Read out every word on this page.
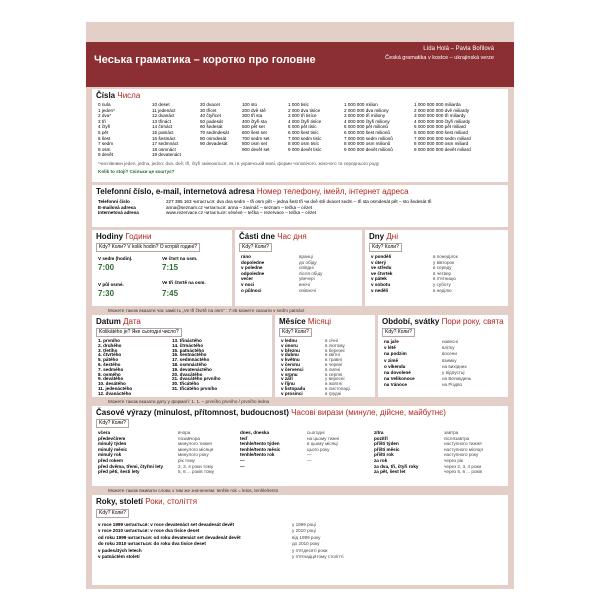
Чеська граматика – коротко про головне
Lída Holá – Pavla Bořilová
Česká gramatika v kostce – ukrajinská verze
Čísla Числа
0 nula
1 jeden*
2 dva*
3 tři
4 čtyři
5 pět
6 šest
7 sedm
8 osm
9 devět
10 deset
11 jedenáct
12 dvanáct
13 třináct
14 čtrnáct
15 patnáct
16 šestnáct
17 sedmnáct
18 osmnáct
19 devatenáct
20 dvacet
30 třicet
40 čtyřicet
50 padesát
60 šedesát
70 sedmdesát
80 osmdesát
90 devadesát
100 sto
200 dvě stě
300 tři sta
400 čtyři sta
500 pět set
600 šest set
700 sedm set
800 osm set
900 devět set
1 000 tisíc
2 000 dva tisíce
3 000 tři tisíce
4 000 čtyři tisíce
5 000 pět tisíc
6 000 šest tisíc
7 000 sedm tisíc
8 000 osm tisíc
9 000 devět tisíc
1 000 000 milion
2 000 000 dva miliony
3 000 000 tři miliony
4 000 000 čtyři miliony
5 000 000 pět milionů
6 000 000 šest milionů
7 000 000 sedm milionů
8 000 000 osm milionů
9 000 000 devět milionů
1 000 000 000 miliarda
2 000 000 000 dvě miliardy
3 000 000 000 tři miliardy
4 000 000 000 čtyři miliardy
5 000 000 000 pět miliard
6 000 000 000 šest miliard
7 000 000 000 sedm miliard
8 000 000 000 osm miliard
9 000 000 000 devět miliard
*числівники jeden, jedna, jedno; dva, dvě; tři, čtyři змінюються, як і в українській мові, форми чоловічого, жіночого та середнього роду
Kolik to stojí? Скільки це коштує?
Telefonní číslo, e-mail, internetová adresa Номер телефону, імейл, інтернет адреса
Telefonní číslo
E-mailová adresa
Internetová adresa
227 385 163 читається: dva dva sedm – tři osm pět – jedna šest tři чи dvě stě dvacet sedm – tři sta osmdesát pět – sto šedesát tři
anna@seznam.cz читається: anna – zavináč – seznam – tečka – cézet
www.rezervace.cz читається: vévévé – tečka – rezervace – tečka – cézet
Hodiny Години
Kdy? Коли? V kolik hodin? О котрій годині?
V sedm (hodin).
7:00
Ve čtvrt na osm.
7:15
V půl osmé.
7:30
Ve tři čtvrtě na osm.
7:45
Části dne Час дня
Kdy? Коли?
ráno
dopoledne
v poledne
odpoledne
večer
v noci
o půlnoci
вранці
до обіду
опівдні
після обіду
увечері
вночі
опівночі
Dny Дні
Kdy? Коли?
v pondělí
v úterý
ve středu
ve čtvrtek
v pátek
v sobotu
v neděli
в понеділок
у вівторок
в середу
в четвер
в п'ятницю
у суботу
в неділю
Можете також вказати час замість „Ve tři čtvrtě na osm“ : 7:45 можете сказати v sedm patnáct
Datum Дата
Kolikátého je? Яке сьогодні число?
1. prvního
2. druhého
3. třetího
4. čtvrtého
5. pátého
6. šestého
7. sedmého
8. osmého
9. devátého
10. desátého
11. jedenáctého
12. dvanáctého
13. třináctého
14. čtrnáctého
15. patnáctého
16. šestnáctého
17. sedmnáctého
18. osmnáctého
19. devatenáctého
20. dvacátého
21. dvacátého prvního
30. třicátého
31. třicátého prvního
Měsíce Місяці
Kdy? Коли?
v lednu
v únoru
v březnu
v dubnu
v květnu
v červnu
v červenci
v srpnu
v září
v říjnu
v listopadu
v prosinci
в січні
в лютому
в березні
в квітні
в травні
в червні
в липні
в серпні
у вересні
в жовтні
в листопаді
в грудні
Období, svátky Пори року, свята
Kdy? Коли?
na jaře
v létě
na podzim
v zimě
o víkendu
na dovolené
na Velikonoce
na Vánoce
навесні
влітку
восени
взимку
на вихідних
у відпустці
на Великдень
на Різдво
Можете також вказати дату у форматі: 1. 1. – prvního prvního / prvního ledna
Časové výrazy (minulost, přítomnost, budoucnost) Часові вирази (минуле, дійсне, майбутнє)
Kdy? Коли?
včera
předevčírem
minulý týden
minulý měsíc
minulý rok
před rokem
před dvěma, třemi, čtyřmi lety
před pěti, šesti lety
вчора
позавчора
минулого тижня
минулого місяця
минулого року
рік тому
2, 3, 4 роки тому
5, 6 ... років тому
dnes, dneska
teď
tenhle/tento týden
tenhle/tento měsíc
tenhle/tento rok
—
—
сьогодні
на цьому тижні
в цьому місяці
цього року
—
—
zítra
pozítří
příští týden
příští měsíc
příští rok
za rok
za dva, tři, čtyři roky
za pět, šest let
завтра
післязавтра
наступного тижня
наступного місяця
наступного року
через рік
через 2, 3, 4 роки
через 5, 6 ... років
Можете також вживати слова з тим же значенням: tenhle rok = letos, tenhle/tento
Roky, století Роки, століття
Kdy? Коли?
v roce 1999 читається: v roce devatenáct set devadesát devět
v roce 2010 читається: v roce dva tisíce deset
od roku 1999 читається: od roku devatenáct set devadesát devět
do roku 2010 читається: do roku dva tisíce deset
v padesátých letech
v patnáctém století
у 1999 році
у 2010 році
від 1999 року
до 2010 року
у п'ятдесяті роки
у п'ятнадцятому столітті
